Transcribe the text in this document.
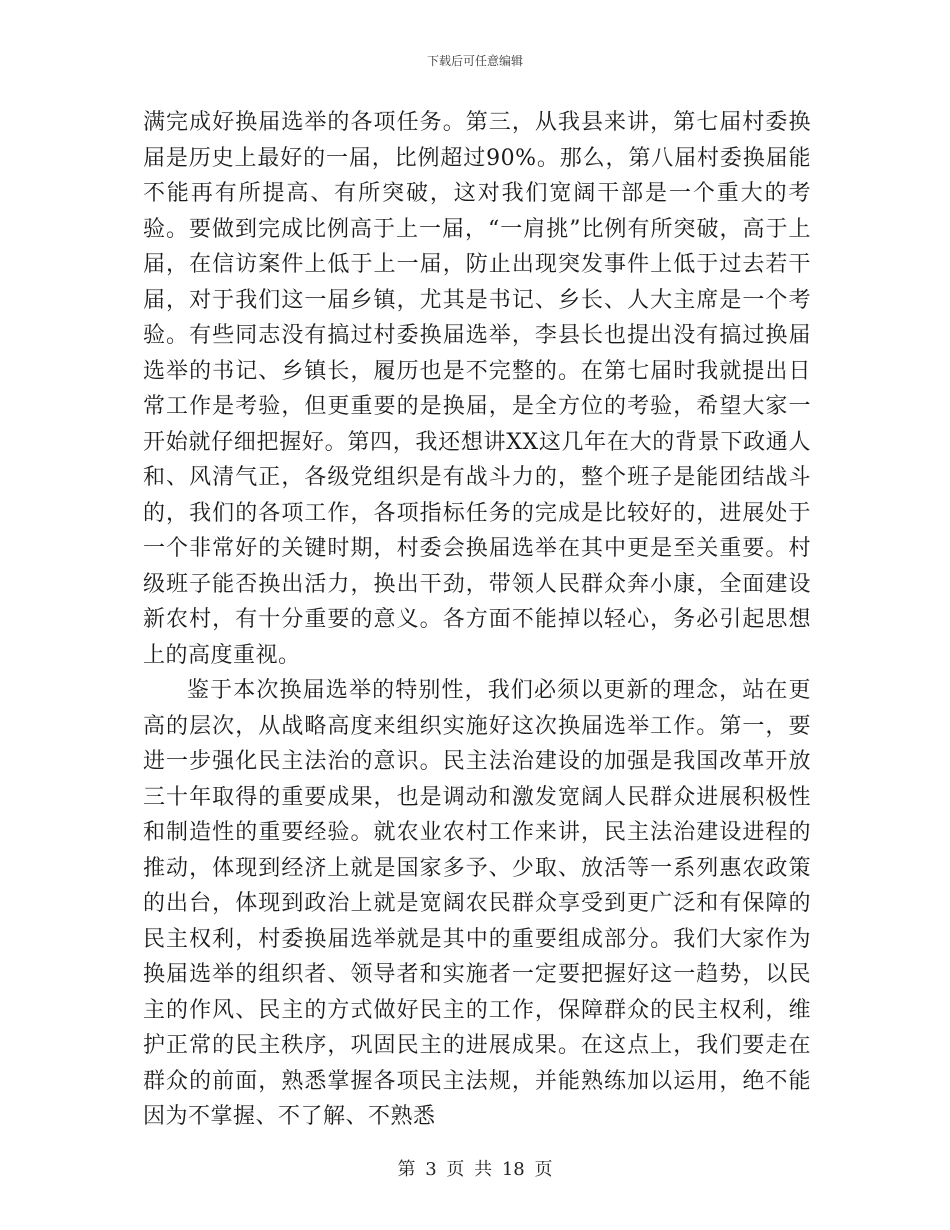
下载后可任意编辑

满完成好换届选举的各项任务。第三，从我县来讲，第七届村委换届是历史上最好的一届，比例超过90%。那么，第八届村委换届能不能再有所提高、有所突破，这对我们宽阔干部是一个重大的考验。要做到完成比例高于上一届，“一肩挑”比例有所突破，高于上届，在信访案件上低于上一届，防止出现突发事件上低于过去若干届，对于我们这一届乡镇，尤其是书记、乡长、人大主席是一个考验。有些同志没有搞过村委换届选举，李县长也提出没有搞过换届选举的书记、乡镇长，履历也是不完整的。在第七届时我就提出日常工作是考验，但更重要的是换届，是全方位的考验，希望大家一开始就仔细把握好。第四，我还想讲XX这几年在大的背景下政通人和、风清气正，各级党组织是有战斗力的，整个班子是能团结战斗的，我们的各项工作，各项指标任务的完成是比较好的，进展处于一个非常好的关键时期，村委会换届选举在其中更是至关重要。村级班子能否换出活力，换出干劲，带领人民群众奔小康，全面建设新农村，有十分重要的意义。各方面不能掉以轻心，务必引起思想上的高度重视。

鉴于本次换届选举的特别性，我们必须以更新的理念，站在更高的层次，从战略高度来组织实施好这次换届选举工作。第一，要进一步强化民主法治的意识。民主法治建设的加强是我国改革开放三十年取得的重要成果，也是调动和激发宽阔人民群众进展积极性和制造性的重要经验。就农业农村工作来讲，民主法治建设进程的推动，体现到经济上就是国家多予、少取、放活等一系列惠农政策的出台，体现到政治上就是宽阔农民群众享受到更广泛和有保障的民主权利，村委换届选举就是其中的重要组成部分。我们大家作为换届选举的组织者、领导者和实施者一定要把握好这一趋势，以民主的作风、民主的方式做好民主的工作，保障群众的民主权利，维护正常的民主秩序，巩固民主的进展成果。在这点上，我们要走在群众的前面，熟悉掌握各项民主法规，并能熟练加以运用，绝不能因为不掌握、不了解、不熟悉

第 3 页 共 18 页
